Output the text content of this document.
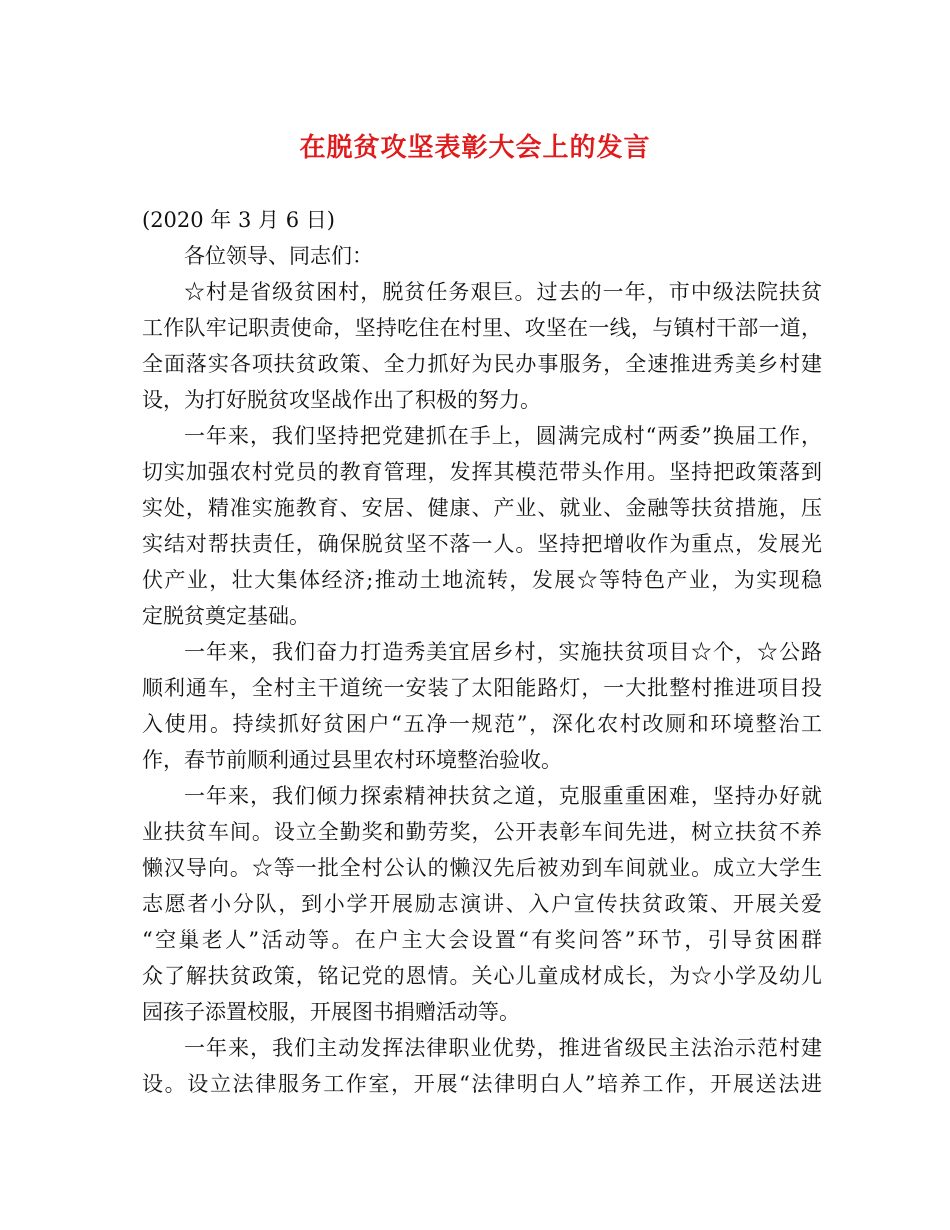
在脱贫攻坚表彰大会上的发言
(2020 年 3 月 6 日)
各位领导、同志们：
☆村是省级贫困村，脱贫任务艰巨。过去的一年，市中级法院扶贫
工作队牢记职责使命，坚持吃住在村里、攻坚在一线，与镇村干部一道，
全面落实各项扶贫政策、全力抓好为民办事服务，全速推进秀美乡村建
设，为打好脱贫攻坚战作出了积极的努力。
一年来，我们坚持把党建抓在手上，圆满完成村“两委”换届工作，
切实加强农村党员的教育管理，发挥其模范带头作用。坚持把政策落到
实处，精准实施教育、安居、健康、产业、就业、金融等扶贫措施，压
实结对帮扶责任，确保脱贫坚不落一人。坚持把增收作为重点，发展光
伏产业，壮大集体经济;推动土地流转，发展☆等特色产业，为实现稳
定脱贫奠定基础。
一年来，我们奋力打造秀美宜居乡村，实施扶贫项目☆个，☆公路
顺利通车，全村主干道统一安装了太阳能路灯，一大批整村推进项目投
入使用。持续抓好贫困户“五净一规范”，深化农村改厕和环境整治工
作，春节前顺利通过县里农村环境整治验收。
一年来，我们倾力探索精神扶贫之道，克服重重困难，坚持办好就
业扶贫车间。设立全勤奖和勤劳奖，公开表彰车间先进，树立扶贫不养
懒汉导向。☆等一批全村公认的懒汉先后被劝到车间就业。成立大学生
志愿者小分队，到小学开展励志演讲、入户宣传扶贫政策、开展关爱
“空巢老人”活动等。在户主大会设置“有奖问答”环节，引导贫困群
众了解扶贫政策，铭记党的恩情。关心儿童成材成长，为☆小学及幼儿
园孩子添置校服，开展图书捐赠活动等。
一年来，我们主动发挥法律职业优势，推进省级民主法治示范村建
设。设立法律服务工作室，开展“法律明白人”培养工作，开展送法进
